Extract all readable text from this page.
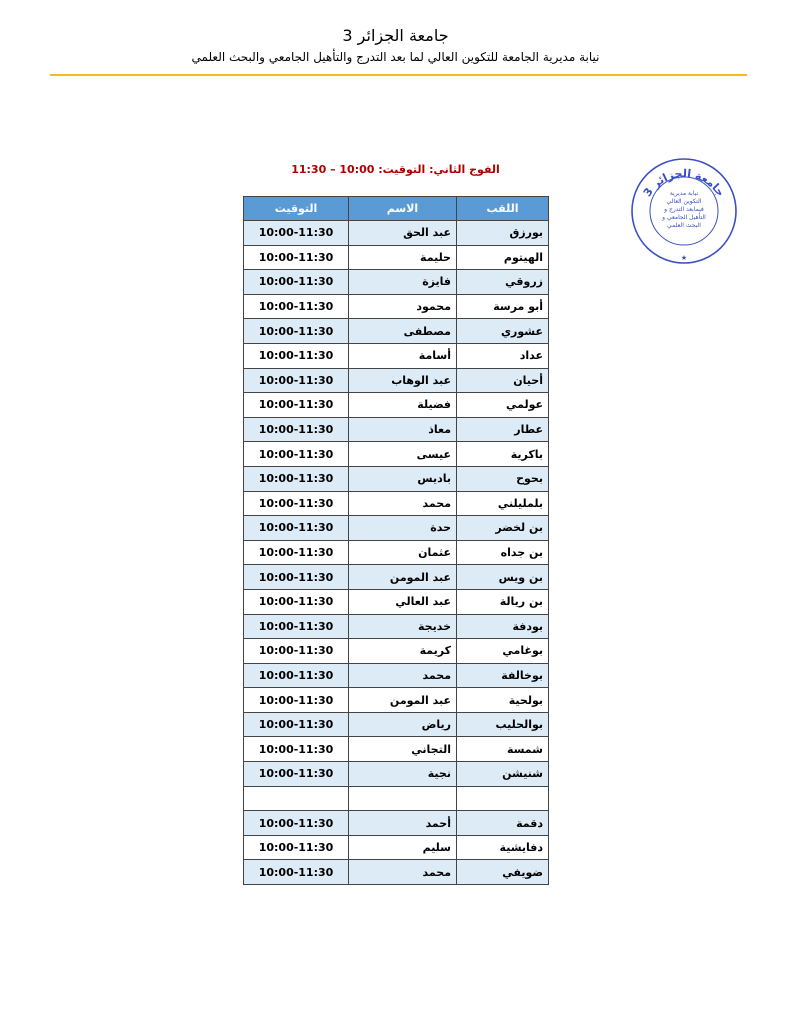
جامعة الجزائر 3
نيابة مديرية الجامعة للتكوين العالي لما بعد التدرج والتأهيل الجامعي والبحث العلمي
الفوج الثاني: التوقيت: 10:00 – 11:30
اللقب	الاسم	التوقيت
بورزق	عبد الحق	10:00-11:30
الهيتوم	حليمة	10:00-11:30
زروقي	فايزة	10:00-11:30
أبو مرسة	محمود	10:00-11:30
عشوري	مصطفى	10:00-11:30
عداد	أسامة	10:00-11:30
أحيان	عبد الوهاب	10:00-11:30
عولمي	فضيلة	10:00-11:30
عطار	معاذ	10:00-11:30
باكرية	عيسى	10:00-11:30
بحوح	باديس	10:00-11:30
بلمليلني	محمد	10:00-11:30
بن لخضر	حدة	10:00-11:30
بن جداه	عثمان	10:00-11:30
بن ويس	عبد المومن	10:00-11:30
بن ريالة	عبد العالي	10:00-11:30
بودفة	خديجة	10:00-11:30
بوغامي	كريمة	10:00-11:30
بوخالفة	محمد	10:00-11:30
بولحية	عبد المومن	10:00-11:30
بوالحليب	رياض	10:00-11:30
شمسة	التجاني	10:00-11:30
شنيشن	نجية	10:00-11:30

دقمة	أحمد	10:00-11:30
دفايشية	سليم	10:00-11:30
ضويفي	محمد	10:00-11:30
جامعة الجزائر 3
نيابة مديرية
التكوين العالي
فيمابعد التدرج و
التأهيل الجامعي و
البحث العلمي
★
